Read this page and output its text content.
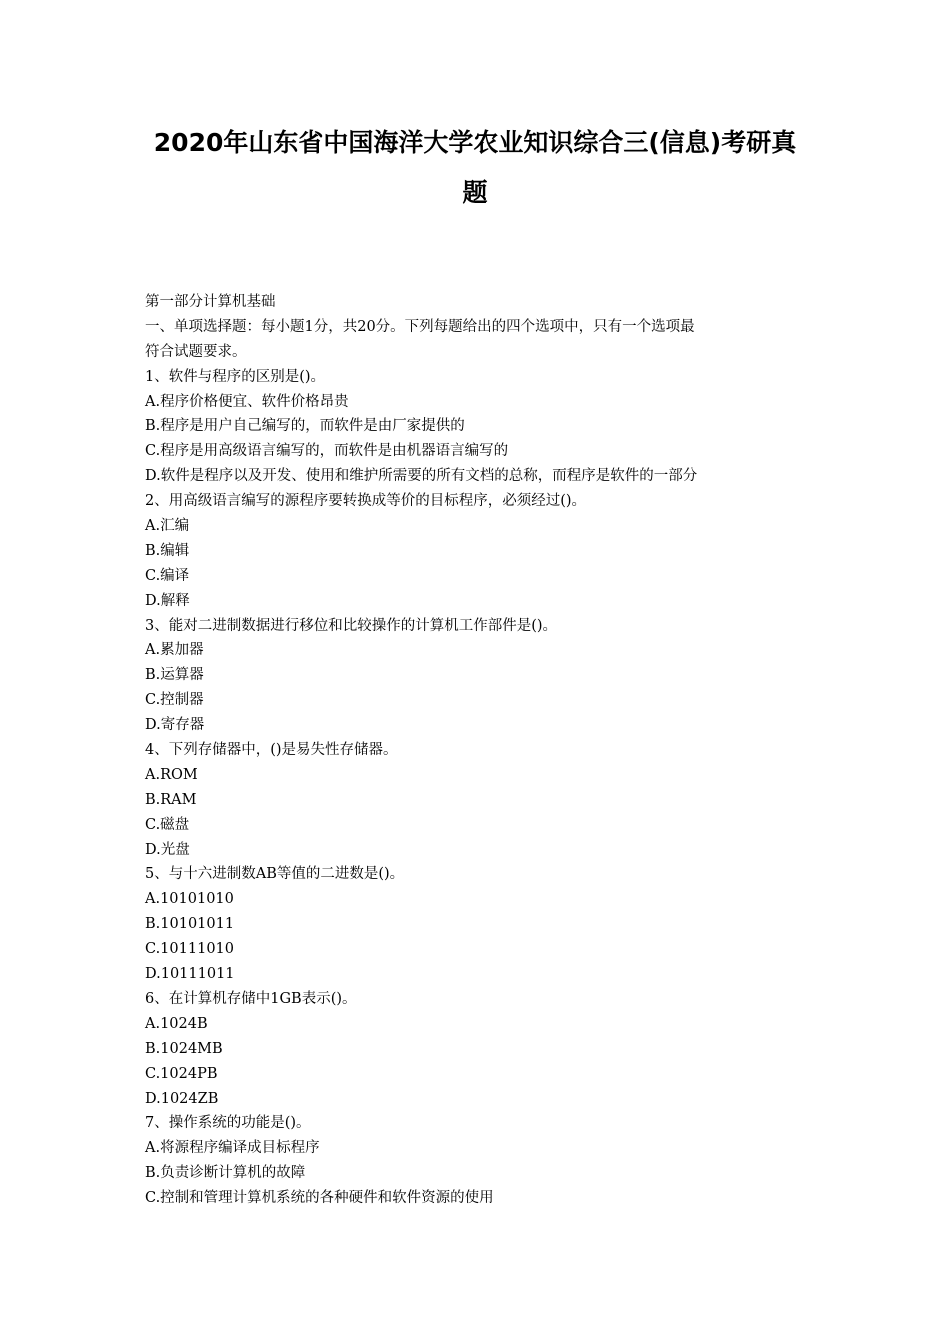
2020年山东省中国海洋大学农业知识综合三(信息)考研真
题
第一部分计算机基础
一、单项选择题：每小题1分，共20分。下列每题给出的四个选项中，只有一个选项最
符合试题要求。
1、软件与程序的区别是()。
A.程序价格便宜、软件价格昂贵
B.程序是用户自己编写的，而软件是由厂家提供的
C.程序是用高级语言编写的，而软件是由机器语言编写的
D.软件是程序以及开发、使用和维护所需要的所有文档的总称，而程序是软件的一部分
2、用高级语言编写的源程序要转换成等价的目标程序，必须经过()。
A.汇编
B.编辑
C.编译
D.解释
3、能对二进制数据进行移位和比较操作的计算机工作部件是()。
A.累加器
B.运算器
C.控制器
D.寄存器
4、下列存储器中，()是易失性存储器。
A.ROM
B.RAM
C.磁盘
D.光盘
5、与十六进制数AB等值的二进数是()。
A.10101010
B.10101011
C.10111010
D.10111011
6、在计算机存储中1GB表示()。
A.1024B
B.1024MB
C.1024PB
D.1024ZB
7、操作系统的功能是()。
A.将源程序编译成目标程序
B.负责诊断计算机的故障
C.控制和管理计算机系统的各种硬件和软件资源的使用
